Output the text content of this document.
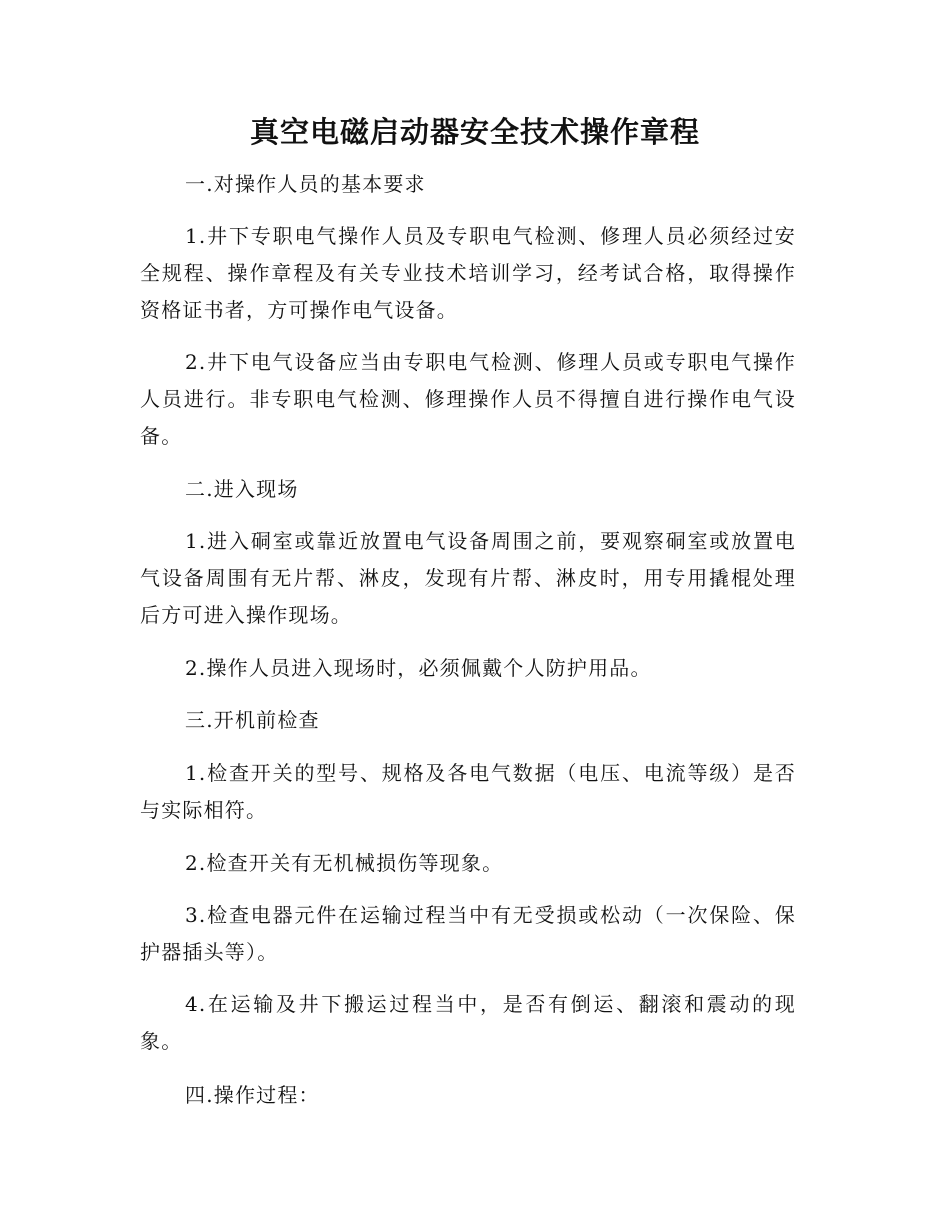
真空电磁启动器安全技术操作章程

一.对操作人员的基本要求

1.井下专职电气操作人员及专职电气检测、修理人员必须经过安全规程、操作章程及有关专业技术培训学习，经考试合格，取得操作资格证书者，方可操作电气设备。

2.井下电气设备应当由专职电气检测、修理人员或专职电气操作人员进行。非专职电气检测、修理操作人员不得擅自进行操作电气设备。

二.进入现场

1.进入硐室或靠近放置电气设备周围之前，要观察硐室或放置电气设备周围有无片帮、淋皮，发现有片帮、淋皮时，用专用撬棍处理后方可进入操作现场。

2.操作人员进入现场时，必须佩戴个人防护用品。

三.开机前检查

1.检查开关的型号、规格及各电气数据（电压、电流等级）是否与实际相符。

2.检查开关有无机械损伤等现象。

3.检查电器元件在运输过程当中有无受损或松动（一次保险、保护器插头等）。

4.在运输及井下搬运过程当中，是否有倒运、翻滚和震动的现象。

四.操作过程：
